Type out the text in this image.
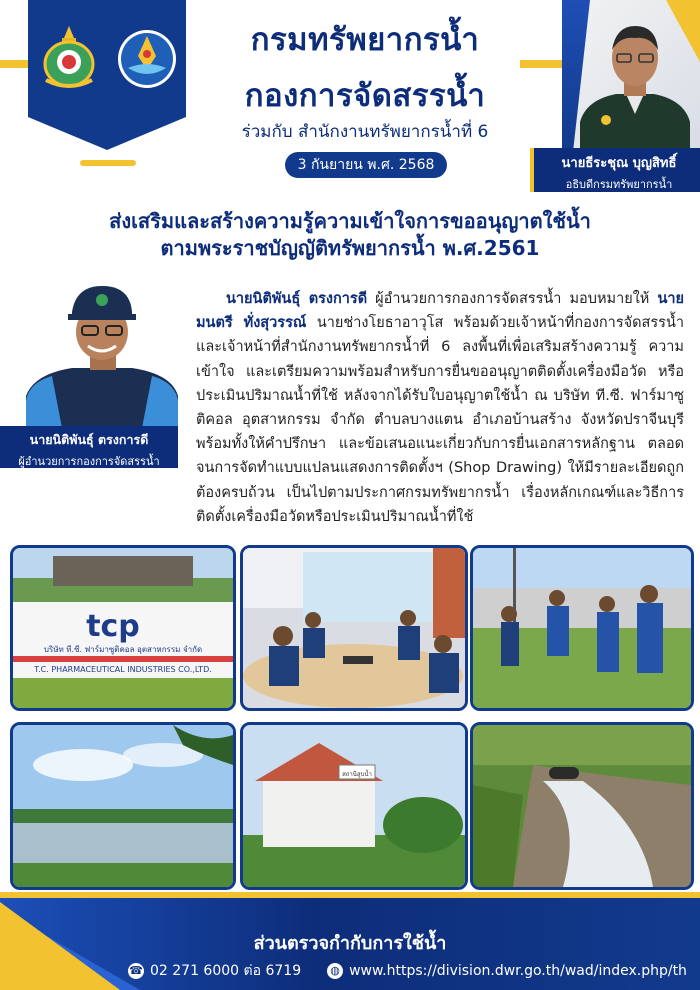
กรมทรัพยากรน้ำ
กองการจัดสรรน้ำ
ร่วมกับ สำนักงานทรัพยากรน้ำที่ 6
3 กันยายน พ.ศ. 2568	นายธีระชุณ บุญสิทธิ์
อธิบดีกรมทรัพยากรน้ำ
ส่งเสริมและสร้างความรู้ความเข้าใจการขออนุญาตใช้น้ำ
ตามพระราชบัญญัติทรัพยากรน้ำ พ.ศ.2561
นายนิติพันธุ์ ตรงการดี
ผู้อำนวยการกองการจัดสรรน้ำ
นายนิติพันธุ์ ตรงการดี ผู้อำนวยการกองการจัดสรรน้ำ มอบหมายให้ นายมนตรี ทั่งสุวรรณ์ นายช่างโยธาอาวุโส พร้อมด้วยเจ้าหน้าที่กองการจัดสรรน้ำ และเจ้าหน้าที่สำนักงานทรัพยากรน้ำที่ 6 ลงพื้นที่เพื่อเสริมสร้างความรู้ ความเข้าใจ และเตรียมความพร้อมสำหรับการยื่นขออนุญาตติดตั้งเครื่องมือวัด หรือประเมินปริมาณน้ำที่ใช้ หลังจากได้รับใบอนุญาตใช้น้ำ ณ บริษัท ที.ซี. ฟาร์มาซูติคอล อุตสาหกรรม จำกัด ตำบลบางแตน อำเภอบ้านสร้าง จังหวัดปราจีนบุรี พร้อมทั้งให้คำปรึกษา และข้อเสนอแนะเกี่ยวกับการยื่นเอกสารหลักฐาน ตลอดจนการจัดทำแบบแปลนแสดงการติดตั้งฯ (Shop Drawing) ให้มีรายละเอียดถูกต้องครบถ้วน เป็นไปตามประกาศกรมทรัพยากรน้ำ เรื่องหลักเกณฑ์และวิธีการติดตั้งเครื่องมือวัดหรือประเมินปริมาณน้ำที่ใช้
tcp
บริษัท ที.ซี. ฟาร์มาซูติคอล อุตสาหกรรม จำกัด
T.C. PHARMACEUTICAL INDUSTRIES CO.,LTD.
สถานีสูบน้ำ
ส่วนตรวจกำกับการใช้น้ำ
☎ 02 271 6000 ต่อ 6719	◍ www.https://division.dwr.go.th/wad/index.php/th
